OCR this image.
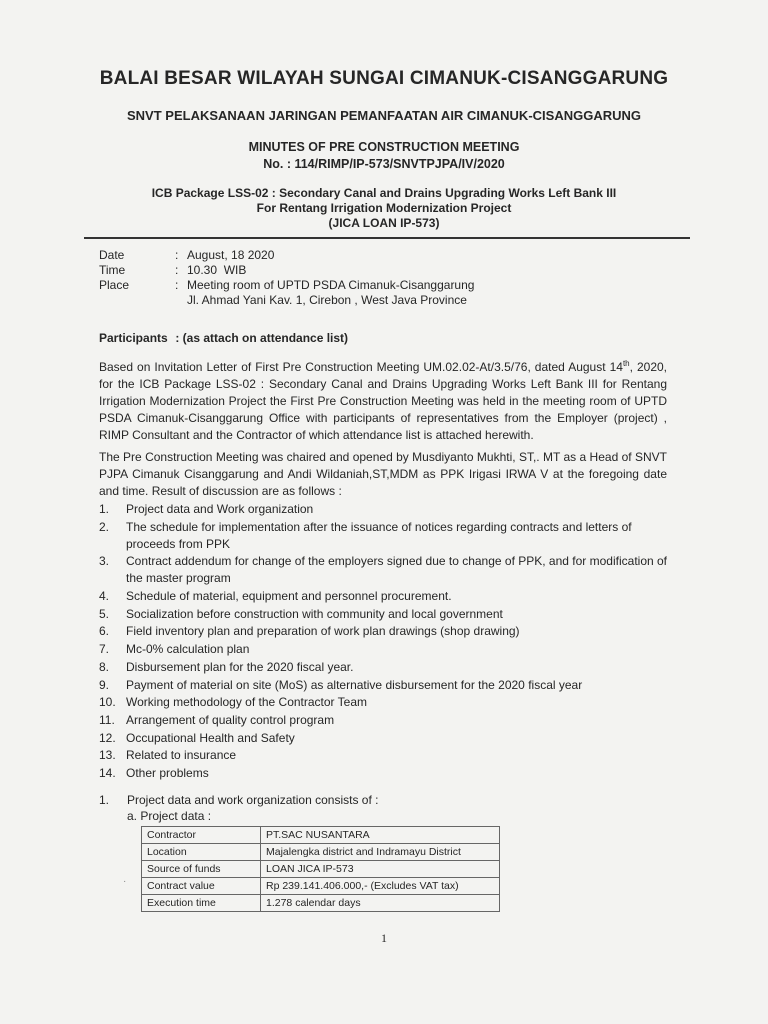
BALAI BESAR WILAYAH SUNGAI CIMANUK-CISANGGARUNG
SNVT PELAKSANAAN JARINGAN PEMANFAATAN AIR CIMANUK-CISANGGARUNG
MINUTES OF PRE CONSTRUCTION MEETING
No. : 114/RIMP/IP-573/SNVTPJPA/IV/2020
ICB Package LSS-02 : Secondary Canal and Drains Upgrading Works Left Bank III
For Rentang Irrigation Modernization Project
(JICA LOAN IP-573)
Date	: August, 18 2020
Time	: 10.30  WIB
Place	: Meeting room of UPTD PSDA Cimanuk-Cisanggarung
Jl. Ahmad Yani Kav. 1, Cirebon , West Java Province
Participants : (as attach on attendance list)
Based on Invitation Letter of First Pre Construction Meeting UM.02.02-At/3.5/76, dated August 14th, 2020, for the ICB Package LSS-02 : Secondary Canal and Drains Upgrading Works Left Bank III for Rentang Irrigation Modernization Project the First Pre Construction Meeting was held in the meeting room of UPTD PSDA Cimanuk-Cisanggarung Office with participants of representatives from the Employer (project) , RIMP Consultant and the Contractor of which attendance list is attached herewith.
The Pre Construction Meeting was chaired and opened by Musdiyanto Mukhti, ST,. MT as a Head of SNVT PJPA Cimanuk Cisanggarung and Andi Wildaniah,ST,MDM as PPK Irigasi IRWA V at the foregoing date and time. Result of discussion are as follows :
1.	Project data and Work organization
2.	The schedule for implementation after the issuance of notices regarding contracts and letters of proceeds from PPK
3.	Contract addendum for change of the employers signed due to change of PPK, and for modification of the master program
4.	Schedule of material, equipment and personnel procurement.
5.	Socialization before construction with community and local government
6.	Field inventory plan and preparation of work plan drawings (shop drawing)
7.	Mc-0% calculation plan
8.	Disbursement plan for the 2020 fiscal year.
9.	Payment of material on site (MoS) as alternative disbursement for the 2020 fiscal year
10. Working methodology of the Contractor Team
11. Arrangement of quality control program
12. Occupational Health and Safety
13. Related to insurance
14. Other problems
1.	Project data and work organization consists of :
a. Project data :
Contractor	PT.SAC NUSANTARA
Location	Majalengka district and Indramayu District
Source of funds	LOAN JICA IP-573
Contract value	Rp 239.141.406.000,- (Excludes VAT tax)
Execution time	1.278 calendar days
·
1
